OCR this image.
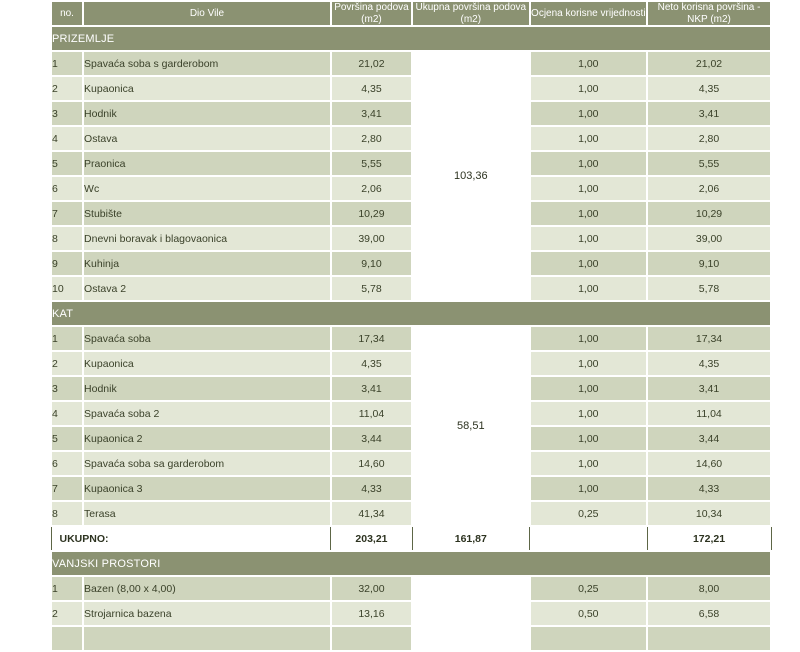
no.	Dio Vile	Površina podova (m2)	Ukupna površina podova (m2)	Ocjena korisne vrijednosti	Neto korisna površina - NKP (m2)
PRIZEMLJE					
1	Spavaća soba s garderobom	21,02	103,36	1,00	21,02
2	Kupaonica	4,35		1,00	4,35
3	Hodnik	3,41		1,00	3,41
4	Ostava	2,80		1,00	2,80
5	Praonica	5,55		1,00	5,55
6	Wc	2,06		1,00	2,06
7	Stubište	10,29		1,00	10,29
8	Dnevni boravak i blagovaonica	39,00		1,00	39,00
9	Kuhinja	9,10		1,00	9,10
10	Ostava 2	5,78		1,00	5,78
KAT					
1	Spavaća soba	17,34	58,51	1,00	17,34
2	Kupaonica	4,35		1,00	4,35
3	Hodnik	3,41		1,00	3,41
4	Spavaća soba 2	11,04		1,00	11,04
5	Kupaonica 2	3,44		1,00	3,44
6	Spavaća soba sa garderobom	14,60		1,00	14,60
7	Kupaonica 3	4,33		1,00	4,33
8	Terasa	41,34		0,25	10,34
UKUPNO:		203,21	161,87		172,21
VANJSKI PROSTORI					
1	Bazen (8,00 x 4,00)	32,00		0,25	8,00
2	Strojarnica bazena	13,16		0,50	6,58
